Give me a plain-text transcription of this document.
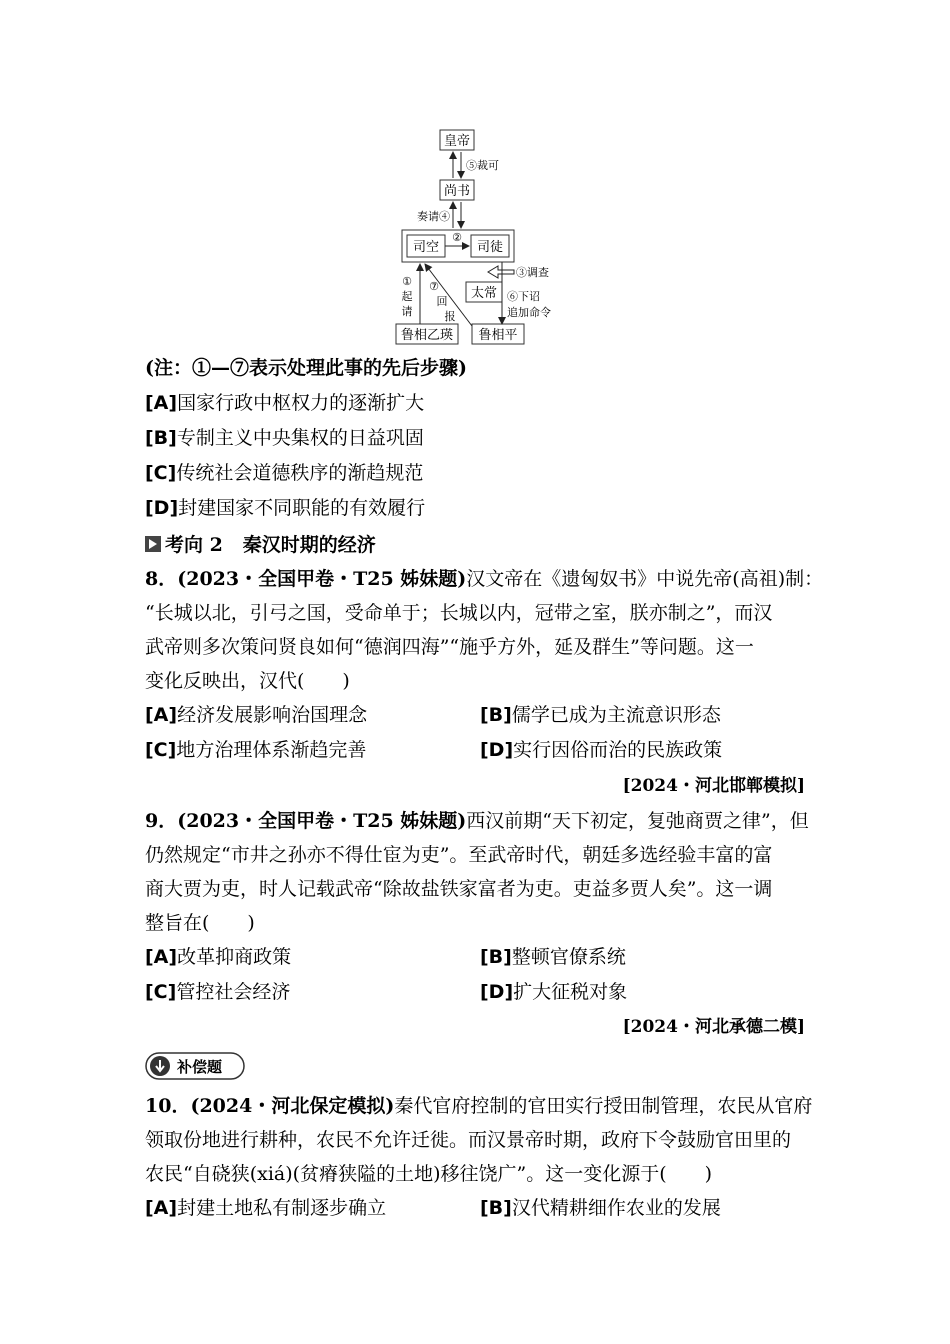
皇帝
尚书
⑤裁可
司空	司徒
奏请④
②
太常
③调查
⑥下诏
追加命令
鲁相乙瑛 鲁相平
①
起
请
⑦
回
报
(注：①—⑦表示处理此事的先后步骤)
[A]国家行政中枢权力的逐渐扩大
[B]专制主义中央集权的日益巩固
[C]传统社会道德秩序的渐趋规范
[D]封建国家不同职能的有效履行
考向 2 秦汉时期的经济
8．(2023・全国甲卷・T25 姊妹题)汉文帝在《遗匈奴书》中说先帝(高祖)制：
“长城以北，引弓之国，受命单于；长城以内，冠带之室，朕亦制之”，而汉
武帝则多次策问贤良如何“德润四海”“施乎方外，延及群生”等问题。这一
变化反映出，汉代(　　)
[A]经济发展影响治国理念	[B]儒学已成为主流意识形态
[C]地方治理体系渐趋完善	[D]实行因俗而治的民族政策
[2024・河北邯郸模拟]
9．(2023・全国甲卷・T25 姊妹题)西汉前期“天下初定，复弛商贾之律”，但
仍然规定“市井之孙亦不得仕宦为吏”。至武帝时代，朝廷多选经验丰富的富
商大贾为吏，时人记载武帝“除故盐铁家富者为吏。吏益多贾人矣”。这一调
整旨在(　　)
[A]改革抑商政策	[B]整顿官僚系统
[C]管控社会经济	[D]扩大征税对象
[2024・河北承德二模]
补偿题
10．(2024・河北保定模拟)秦代官府控制的官田实行授田制管理，农民从官府
领取份地进行耕种，农民不允许迁徙。而汉景帝时期，政府下令鼓励官田里的
农民“自硗狭(xiá)(贫瘠狭隘的土地)移往饶广”。这一变化源于(　　)
[A]封建土地私有制逐步确立	[B]汉代精耕细作农业的发展
